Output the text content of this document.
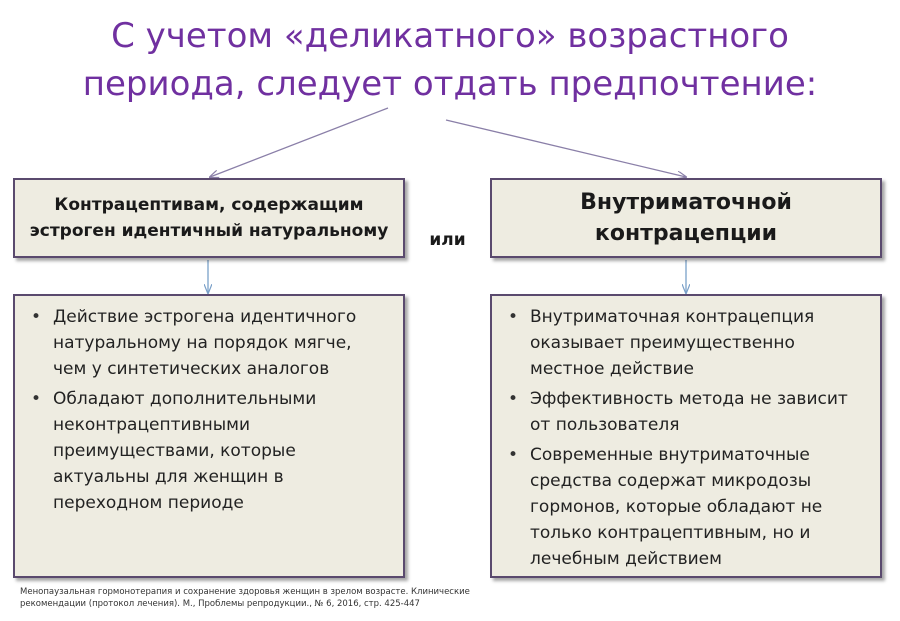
С учетом «деликатного» возрастного
периода, следует отдать предпочтение:
Контрацептивам, содержащим
эстроген идентичный натуральному	или
Внутриматочной
контрацепции
• Действие эстрогена идентичного натуральному на порядок мягче, чем у синтетических аналогов
• Обладают дополнительными неконтрацептивными преимуществами, которые актуальны для женщин в переходном периоде
• Внутриматочная контрацепция оказывает преимущественно местное действие
• Эффективность метода не зависит от пользователя
• Современные внутриматочные средства содержат микродозы гормонов, которые обладают не только контрацептивным, но и лечебным действием
Менопаузальная гормонотерапия и сохранение здоровья женщин в зрелом возрасте. Клинические
рекомендации (протокол лечения). М., Проблемы репродукции., № 6, 2016, стр. 425-447
